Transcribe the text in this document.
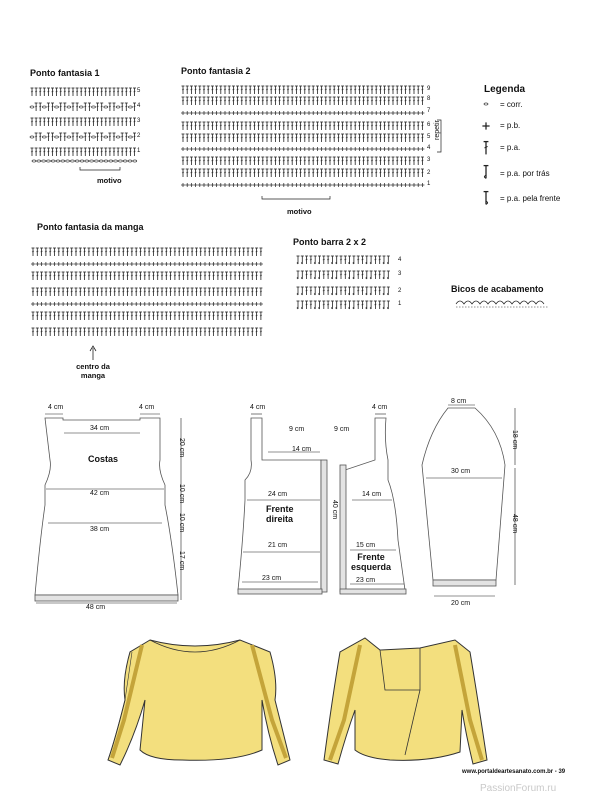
Ponto fantasia 1	Ponto fantasia 2
Ponto fantasia da manga
Ponto barra 2 x 2
Bicos de acabamento
5
4
3
2
1
motivo
9
8
7
6
5
4
3
2
1
repetir
motivo
centro da manga
4
3
2
1
Legenda
= corr.
= p.b.
= p.a.
= p.a. por trás
= p.a. pela frente
4 cm	4 cm
34 cm
Costas
42 cm
38 cm
48 cm
20 cm
10 cm
10 cm
17 cm
4 cm
9 cm
14 cm
24 cm
Frente direita
21 cm
23 cm
40 cm
4 cm
9 cm
14 cm
15 cm
Frente esquerda
23 cm
8 cm
18 cm
30 cm
48 cm
20 cm
www.portaldeartesanato.com.br - 39
PassionForum.ru
